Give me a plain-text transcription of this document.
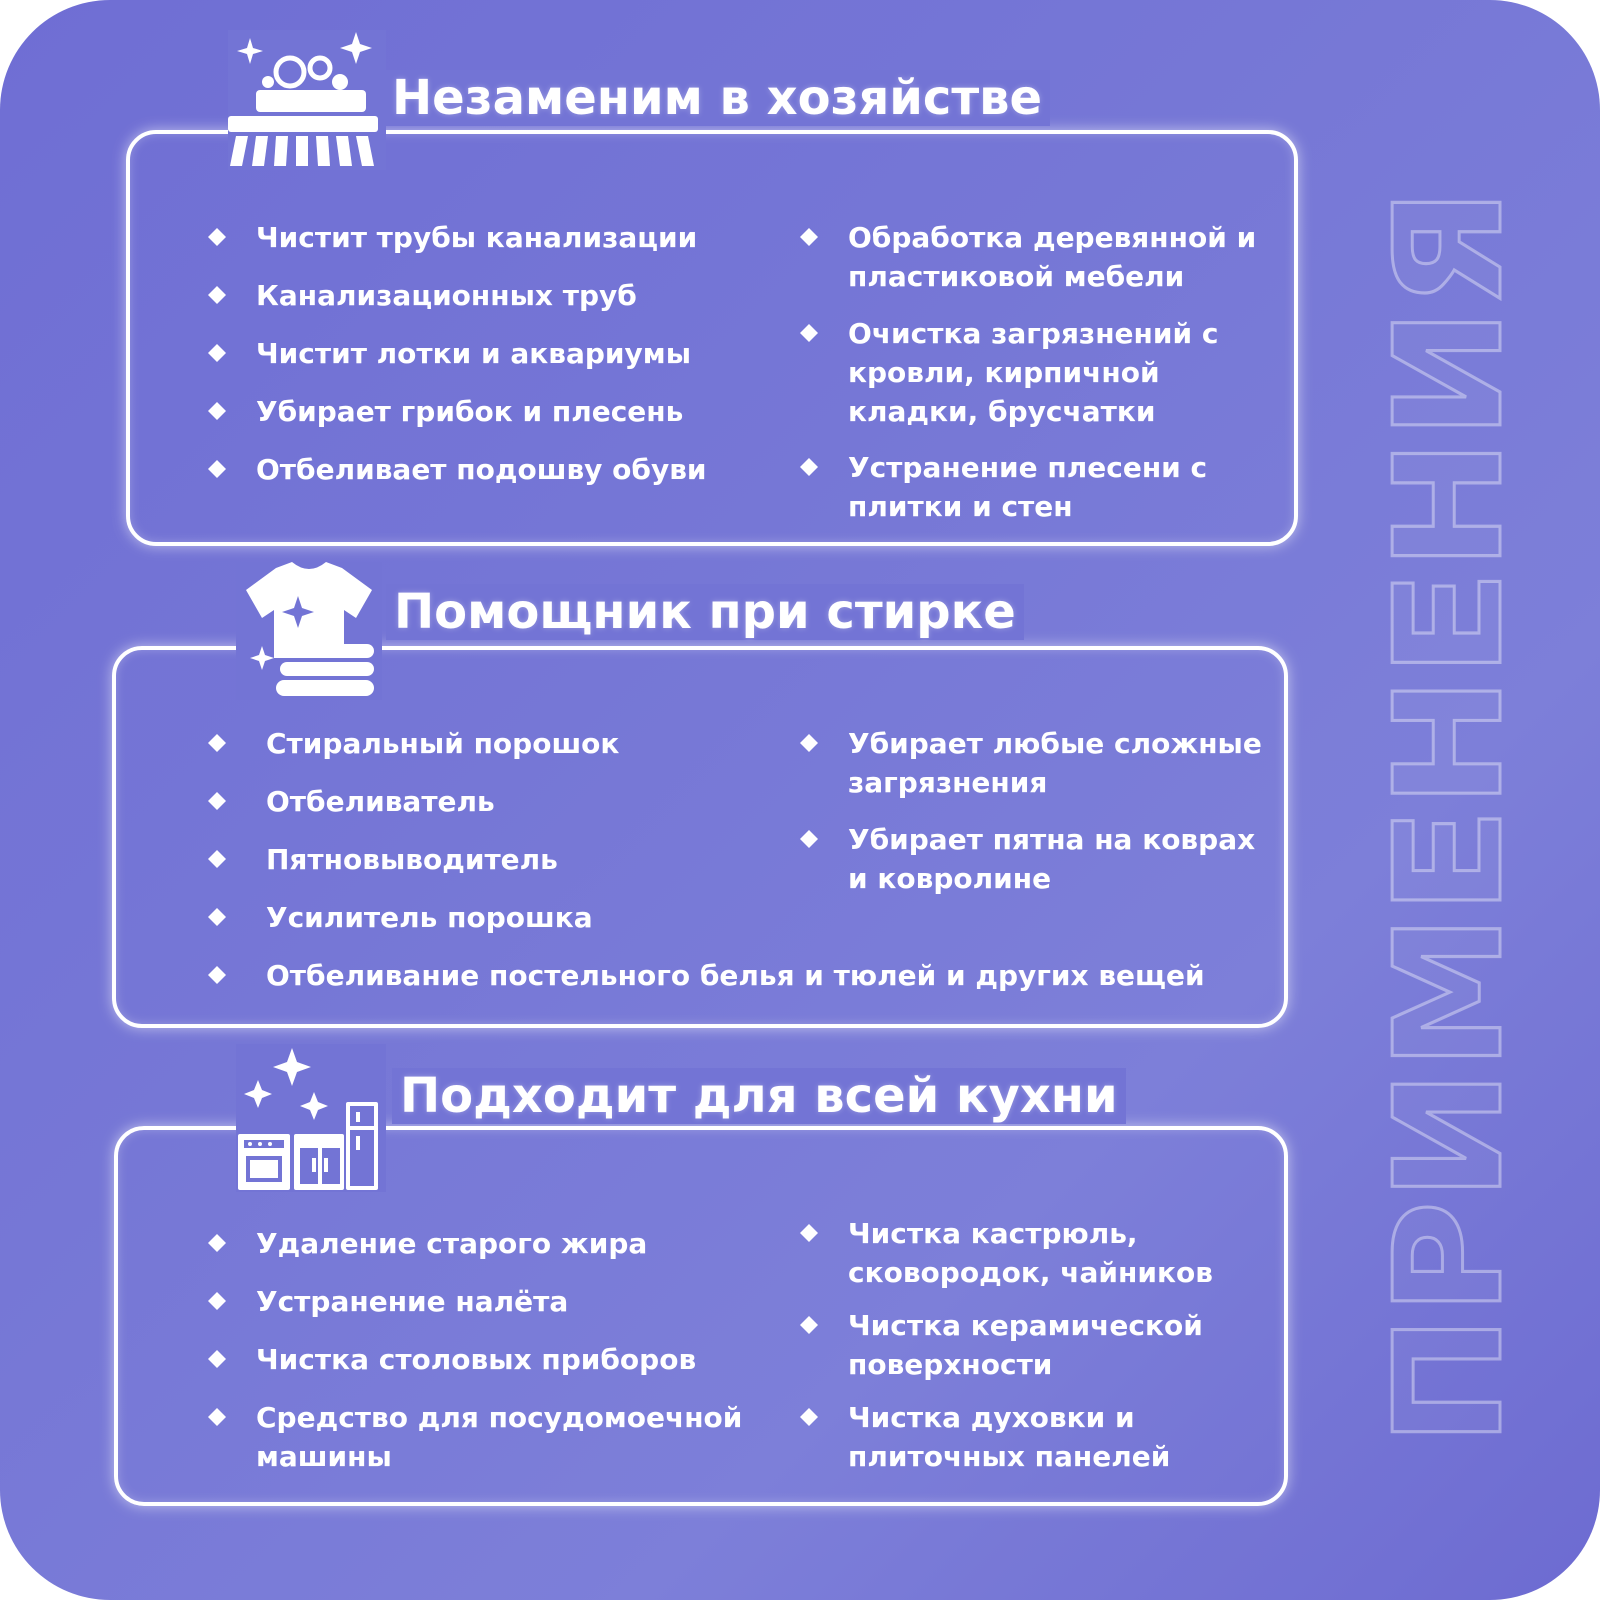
ПРИМЕНЕНИЯ
Незаменим в хозяйстве
Чистит трубы канализации
Канализационных труб
Чистит лотки и аквариумы
Убирает грибок и плесень
Отбеливает подошву обуви
Обработка деревянной и пластиковой мебели
Очистка загрязнений с кровли, кирпичной кладки, брусчатки
Устранение плесени с плитки и стен
Помощник при стирке
Стиральный порошок
Отбеливатель
Пятновыводитель
Усилитель порошка
Убирает любые сложные загрязнения
Убирает пятна на коврах и ковролине
Отбеливание постельного белья и тюлей и других вещей
Подходит для всей кухни
Удаление старого жира
Устранение налёта
Чистка столовых приборов
Средство для посудомоечной машины
Чистка кастрюль, сковородок, чайников
Чистка керамической поверхности
Чистка духовки и плиточных панелей
